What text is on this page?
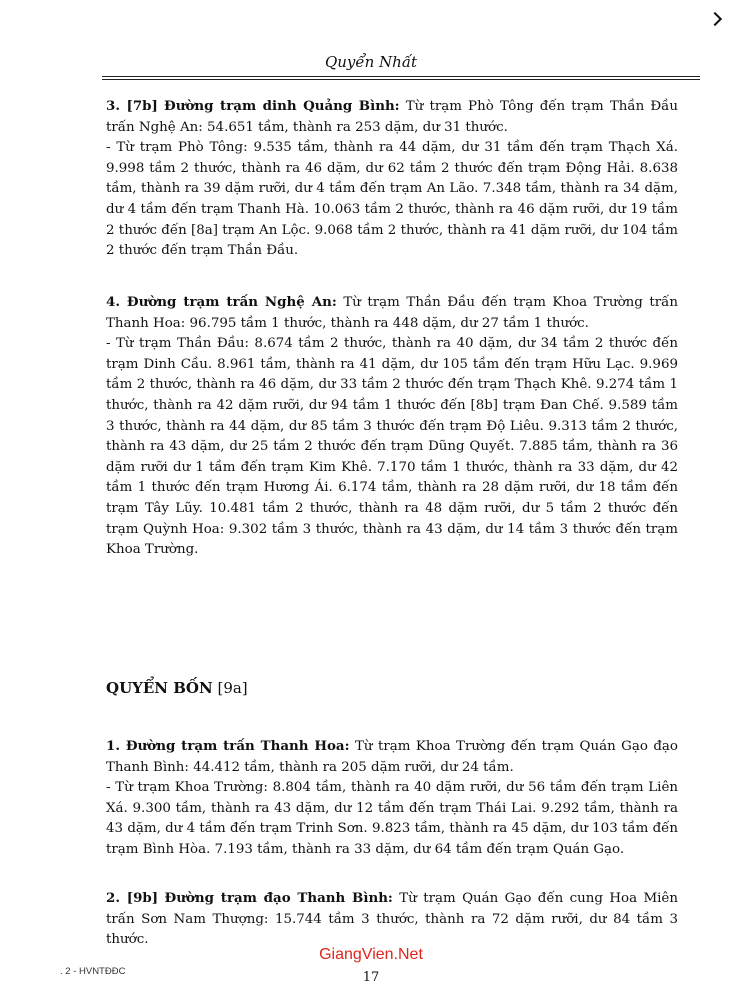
Quyển Nhất

3. [7b] Đường trạm dinh Quảng Bình: Từ trạm Phò Tông đến trạm Thần Đầu trấn Nghệ An: 54.651 tầm, thành ra 253 dặm, dư 31 thước.

- Từ trạm Phò Tông: 9.535 tầm, thành ra 44 dặm, dư 31 tầm đến trạm Thạch Xá. 9.998 tầm 2 thước, thành ra 46 dặm, dư 62 tầm 2 thước đến trạm Động Hải. 8.638 tầm, thành ra 39 dặm rưỡi, dư 4 tầm đến trạm An Lão. 7.348 tầm, thành ra 34 dặm, dư 4 tầm đến trạm Thanh Hà. 10.063 tầm 2 thước, thành ra 46 dặm rưỡi, dư 19 tầm 2 thước đến [8a] trạm An Lộc. 9.068 tầm 2 thước, thành ra 41 dặm rưỡi, dư 104 tầm 2 thước đến trạm Thần Đầu.

4. Đường trạm trấn Nghệ An: Từ trạm Thần Đầu đến trạm Khoa Trường trấn Thanh Hoa: 96.795 tầm 1 thước, thành ra 448 dặm, dư 27 tầm 1 thước.

- Từ trạm Thần Đầu: 8.674 tầm 2 thước, thành ra 40 dặm, dư 34 tầm 2 thước đến trạm Dinh Cầu. 8.961 tầm, thành ra 41 dặm, dư 105 tầm đến trạm Hữu Lạc. 9.969 tầm 2 thước, thành ra 46 dặm, dư 33 tầm 2 thước đến trạm Thạch Khê. 9.274 tầm 1 thước, thành ra 42 dặm rưỡi, dư 94 tầm 1 thước đến [8b] trạm Đan Chế. 9.589 tầm 3 thước, thành ra 44 dặm, dư 85 tầm 3 thước đến trạm Độ Liêu. 9.313 tầm 2 thước, thành ra 43 dặm, dư 25 tầm 2 thước đến trạm Dũng Quyết. 7.885 tầm, thành ra 36 dặm rưỡi dư 1 tầm đến trạm Kim Khê. 7.170 tầm 1 thước, thành ra 33 dặm, dư 42 tầm 1 thước đến trạm Hương Ái. 6.174 tầm, thành ra 28 dặm rưỡi, dư 18 tầm đến trạm Tây Lũy. 10.481 tầm 2 thước, thành ra 48 dặm rưỡi, dư 5 tầm 2 thước đến trạm Quỳnh Hoa: 9.302 tầm 3 thước, thành ra 43 dặm, dư 14 tầm 3 thước đến trạm Khoa Trường.

QUYỂN BỐN [9a]

1. Đường trạm trấn Thanh Hoa: Từ trạm Khoa Trường đến trạm Quán Gạo đạo Thanh Bình: 44.412 tầm, thành ra 205 dặm rưỡi, dư 24 tầm.

- Từ trạm Khoa Trường: 8.804 tầm, thành ra 40 dặm rưỡi, dư 56 tầm đến trạm Liên Xá. 9.300 tầm, thành ra 43 dặm, dư 12 tầm đến trạm Thái Lai. 9.292 tầm, thành ra 43 dặm, dư 4 tầm đến trạm Trinh Sơn. 9.823 tầm, thành ra 45 dặm, dư 103 tầm đến trạm Bình Hòa. 7.193 tầm, thành ra 33 dặm, dư 64 tầm đến trạm Quán Gạo.

2. [9b] Đường trạm đạo Thanh Bình: Từ trạm Quán Gạo đến cung Hoa Miên trấn Sơn Nam Thượng: 15.744 tầm 3 thước, thành ra 72 dặm rưỡi, dư 84 tầm 3 thước.

GiangVien.Net
. 2 - HVNTĐĐC	17
